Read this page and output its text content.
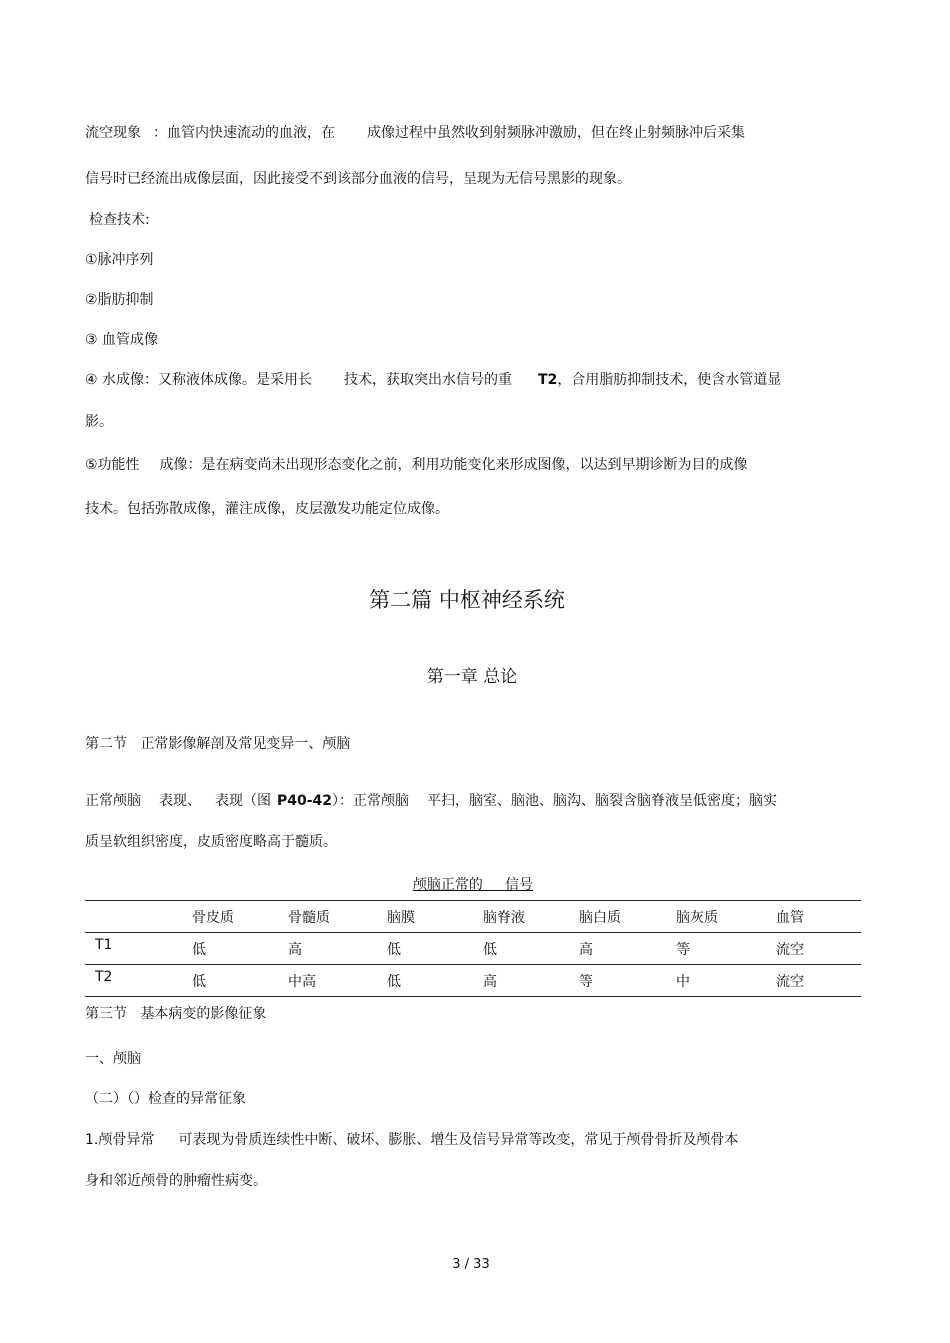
流空现象 ：血管内快速流动的血液，在 成像过程中虽然收到射频脉冲激励，但在终止射频脉冲后采集
信号时已经流出成像层面，因此接受不到该部分血液的信号，呈现为无信号黑影的现象。
检查技术:
①脉冲序列
②脂肪抑制
③ 血管成像
④ 水成像：又称液体成像。是采用长 技术，获取突出水信号的重 T2，合用脂肪抑制技术，使含水管道显
影。
⑤功能性 成像：是在病变尚未出现形态变化之前，利用功能变化来形成图像，以达到早期诊断为目的成像
技术。包括弥散成像，灌注成像，皮层激发功能定位成像。
第二篇 中枢神经系统
第一章 总论
第二节   正常影像解剖及常见变异一、颅脑
正常颅脑 表现、 表现（图 P40-42）：正常颅脑 平扫，脑室、脑池、脑沟、脑裂含脑脊液呈低密度；脑实
质呈软组织密度，皮质密度略高于髓质。
颅脑正常的     信号
	骨皮质	骨髓质	脑膜	脑脊液	脑白质	脑灰质	血管
T1	低	高	低	低	高	等	流空
T2	低	中高	低	高	等	中	流空
第三节   基本病变的影像征象
一、颅脑
（二）（）检查的异常征象
1.颅骨异常 可表现为骨质连续性中断、破坏、膨胀、增生及信号异常等改变，常见于颅骨骨折及颅骨本
身和邻近颅骨的肿瘤性病变。
3 / 33
